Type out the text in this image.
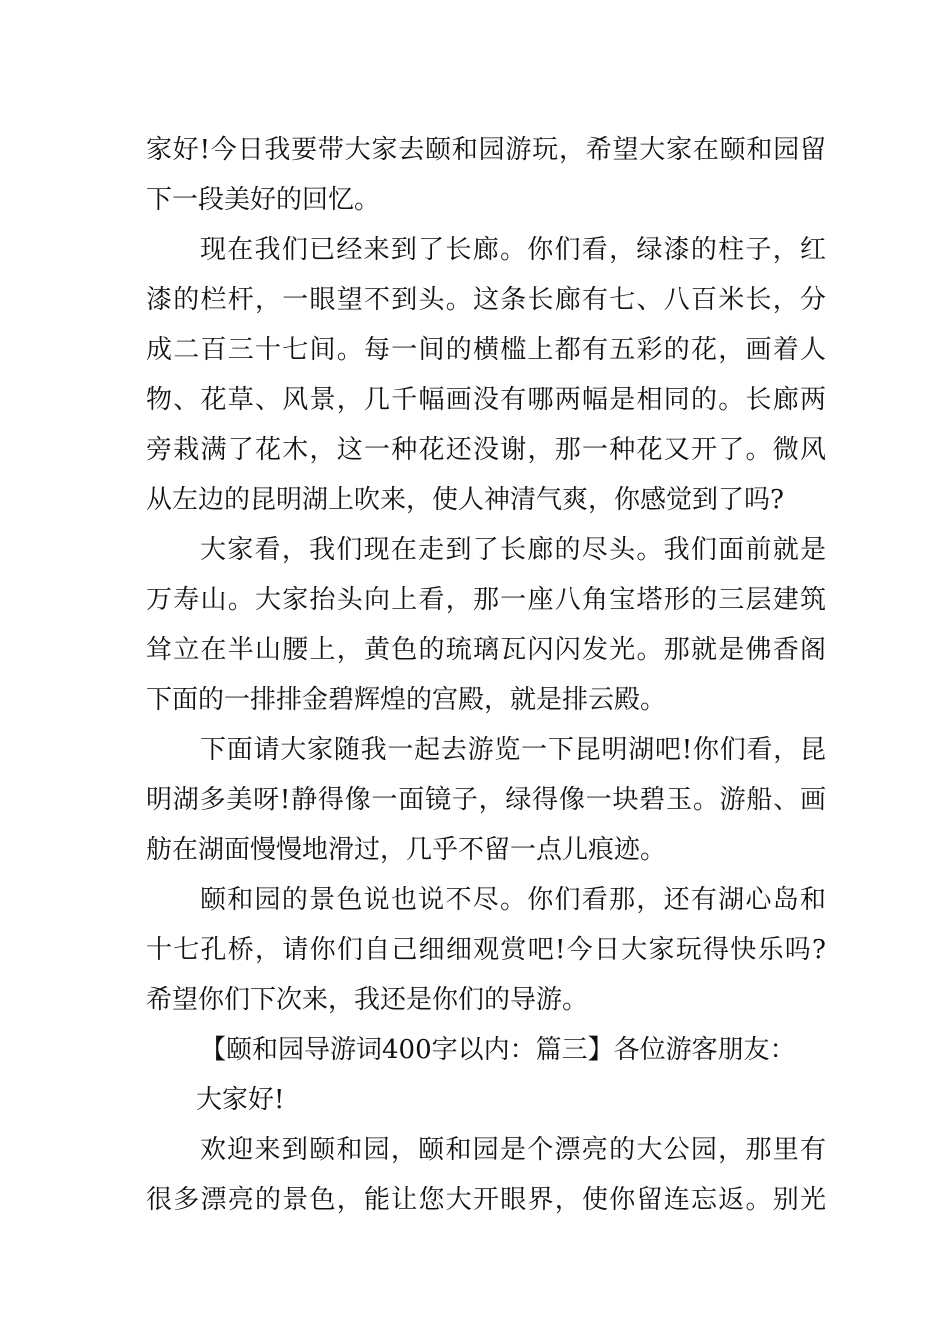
家好!今日我要带大家去颐和园游玩，希望大家在颐和园留
下一段美好的回忆。
现在我们已经来到了长廊。你们看，绿漆的柱子，红
漆的栏杆，一眼望不到头。这条长廊有七、八百米长，分
成二百三十七间。每一间的横槛上都有五彩的花，画着人
物、花草、风景，几千幅画没有哪两幅是相同的。长廊两
旁栽满了花木，这一种花还没谢，那一种花又开了。微风
从左边的昆明湖上吹来，使人神清气爽，你感觉到了吗?
大家看，我们现在走到了长廊的尽头。我们面前就是
万寿山。大家抬头向上看，那一座八角宝塔形的三层建筑
耸立在半山腰上，黄色的琉璃瓦闪闪发光。那就是佛香阁
下面的一排排金碧辉煌的宫殿，就是排云殿。
下面请大家随我一起去游览一下昆明湖吧!你们看，昆
明湖多美呀!静得像一面镜子，绿得像一块碧玉。游船、画
舫在湖面慢慢地滑过，几乎不留一点儿痕迹。
颐和园的景色说也说不尽。你们看那，还有湖心岛和
十七孔桥，请你们自己细细观赏吧!今日大家玩得快乐吗?
希望你们下次来，我还是你们的导游。
【颐和园导游词400字以内：篇三】各位游客朋友：
大家好!
欢迎来到颐和园，颐和园是个漂亮的大公园，那里有
很多漂亮的景色，能让您大开眼界，使你留连忘返。别光
